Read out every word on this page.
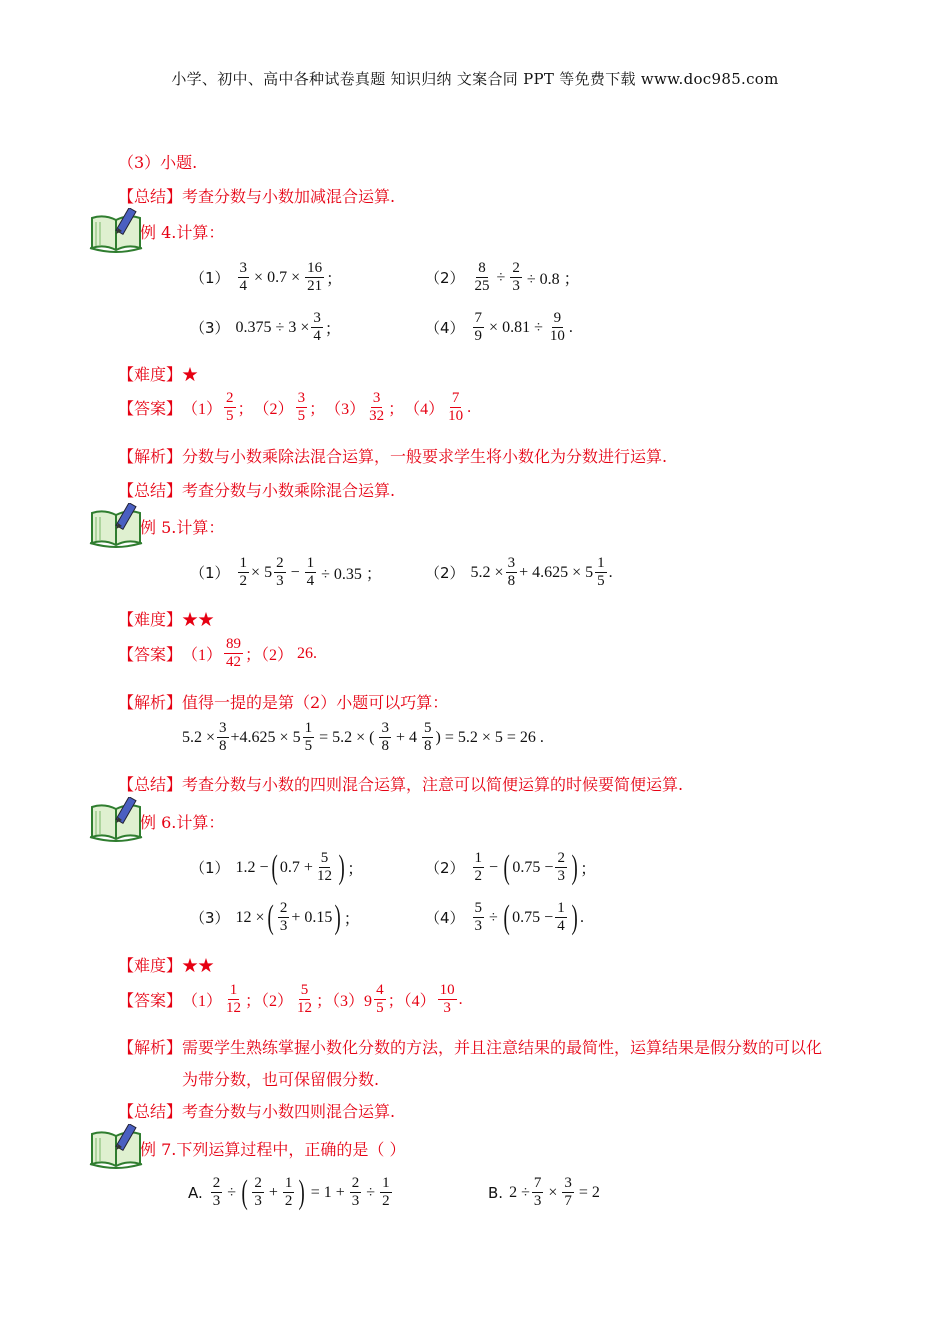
小学、初中、高中各种试卷真题 知识归纳 文案合同 PPT 等免费下载 www.doc985.com
（3）小题.
【总结】考查分数与小数加减混合运算.
例 4.计算：
$(1) \frac{3}{4} \times 0.7 \times \frac{16}{21}$ ；	$(2) \frac{8}{25} \div \frac{2}{3} \div 0.8$ ；
（3） $0.375 \div 3 \times \frac{3}{4}$ ；	$(4) \frac{7}{9} \times 0.81 \div \frac{9}{10}$ .
【难度】★
【答案】 $(1) \frac{2}{5}$ ； $(2) \frac{3}{5}$ ； $(3) \frac{3}{32}$ ； $(4) \frac{7}{10}$ .
【解析】分数与小数乘除法混合运算，一般要求学生将小数化为分数进行运算.
【总结】考查分数与小数乘除混合运算.
例 5.计算：
$(1) \frac{1}{2} \times 5 \frac{2}{3} - \frac{1}{4} \div 0.35$ ；	（2） $5.2 \times \frac{3}{8} + 4.625 \times 5 \frac{1}{5}$ .
【难度】★★
【答案】 $(1) \frac{89}{42}$ ；（2） 26.
【解析】值得一提的是第（2）小题可以巧算：
$5.2 \times \frac{3}{8} +4.625 \times 5 \frac{1}{5} = 5.2$ × ( $\frac{3}{8} + 4 \frac{5}{8}$ ) = 5.2 × 5 = 26 .
【总结】考查分数与小数的四则混合运算，注意可以简便运算的时候要简便运算.
例 6.计算：
（1） 1.2 − ( $0.7 + \frac{5}{12}$ ) ；	$(2) \frac{1}{2}$ − ( $0.75 - \frac{2}{3}$ ) ；
（3） 12 × ( $\frac{2}{3} + 0.15$ ) ；	$(4) \frac{5}{3}$ ÷ ( $0.75 - \frac{1}{4}$ ) .
【难度】★★
【答案】 $(1) \frac{1}{12}$ ；$(2) \frac{5}{12}$ ；$(3)9 \frac{4}{5}$ ；$(4) \frac{10}{3}$ .
【解析】需要学生熟练掌握小数化分数的方法，并且注意结果的最简性，运算结果是假分数的可以化
为带分数，也可保留假分数.
【总结】考查分数与小数四则混合运算.
例 7.下列运算过程中，正确的是（ ）
A. $\frac{2}{3}$ ÷ ( $\frac{2}{3} + \frac{1}{2}$ ) = $1 + \frac{2}{3} \div \frac{1}{2}$	B. $2 \div \frac{7}{3} \times \frac{3}{7} = 2$
